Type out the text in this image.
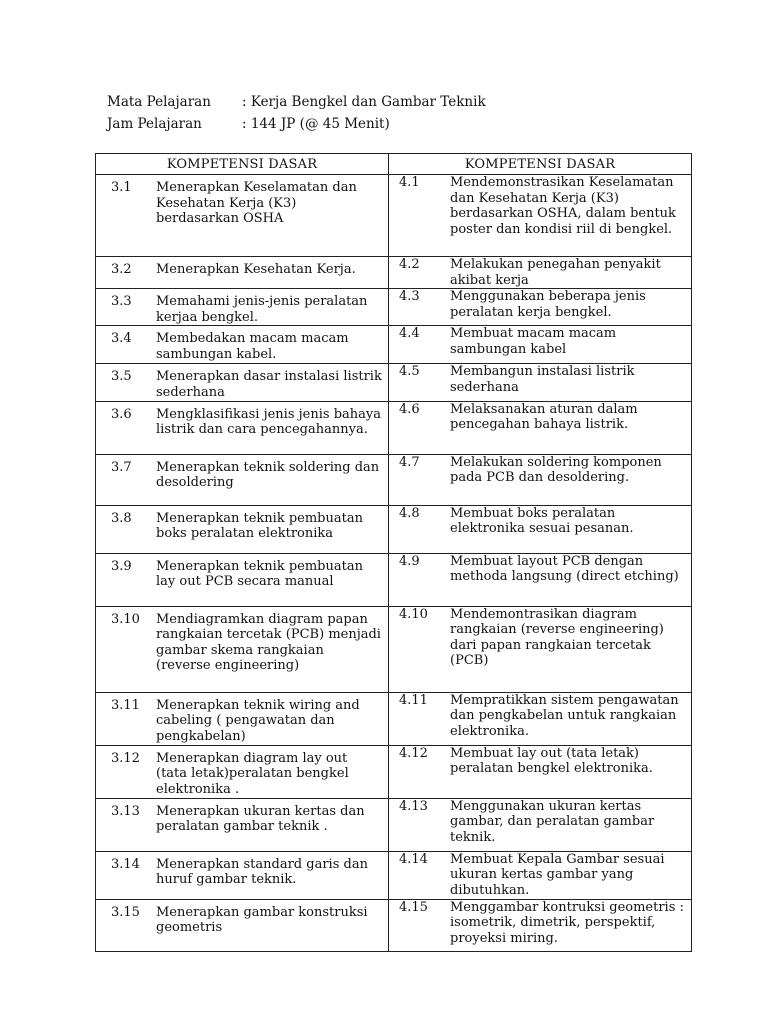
Mata Pelajaran	: Kerja Bengkel dan Gambar Teknik
Jam Pelajaran	: 144 JP (@ 45 Menit)
KOMPETENSI DASAR	KOMPETENSI DASAR

3.1 Menerapkan Keselamatan dan Kesehatan Kerja (K3) berdasarkan OSHA	4.1 Mendemonstrasikan Keselamatan dan Kesehatan Kerja (K3) berdasarkan OSHA, dalam bentuk poster dan kondisi riil di bengkel.

3.2 Menerapkan Kesehatan Kerja.	4.2 Melakukan penegahan penyakit akibat kerja

3.3 Memahami jenis-jenis peralatan kerjaa bengkel.	4.3 Menggunakan beberapa jenis peralatan kerja bengkel.

3.4 Membedakan macam macam sambungan kabel.	4.4 Membuat macam macam sambungan kabel

3.5 Menerapkan dasar instalasi listrik sederhana	4.5 Membangun instalasi listrik sederhana

3.6 Mengklasifikasi jenis jenis bahaya listrik dan cara pencegahannya.	4.6 Melaksanakan aturan dalam pencegahan bahaya listrik.

3.7 Menerapkan teknik soldering dan desoldering	4.7 Melakukan soldering komponen pada PCB dan desoldering.

3.8 Menerapkan teknik pembuatan boks peralatan elektronika	4.8 Membuat boks peralatan elektronika sesuai pesanan.

3.9 Menerapkan teknik pembuatan lay out PCB secara manual	4.9 Membuat layout PCB dengan methoda langsung (direct etching)

3.10 Mendiagramkan diagram papan rangkaian tercetak (PCB) menjadi gambar skema rangkaian (reverse engineering)	4.10 Mendemontrasikan diagram rangkaian (reverse engineering) dari papan rangkaian tercetak (PCB)

3.11 Menerapkan teknik wiring and cabeling ( pengawatan dan pengkabelan)	4.11 Mempratikkan sistem pengawatan dan pengkabelan untuk rangkaian elektronika.

3.12 Menerapkan diagram lay out (tata letak)peralatan bengkel elektronika .	4.12 Membuat lay out (tata letak) peralatan bengkel elektronika.

3.13 Menerapkan ukuran kertas dan peralatan gambar teknik .	4.13 Menggunakan ukuran kertas gambar, dan peralatan gambar teknik.

3.14 Menerapkan standard garis dan huruf gambar teknik.	4.14 Membuat Kepala Gambar sesuai ukuran kertas gambar yang dibutuhkan.

3.15 Menerapkan gambar konstruksi geometris	4.15 Menggambar kontruksi geometris : isometrik, dimetrik, perspektif, proyeksi miring.
